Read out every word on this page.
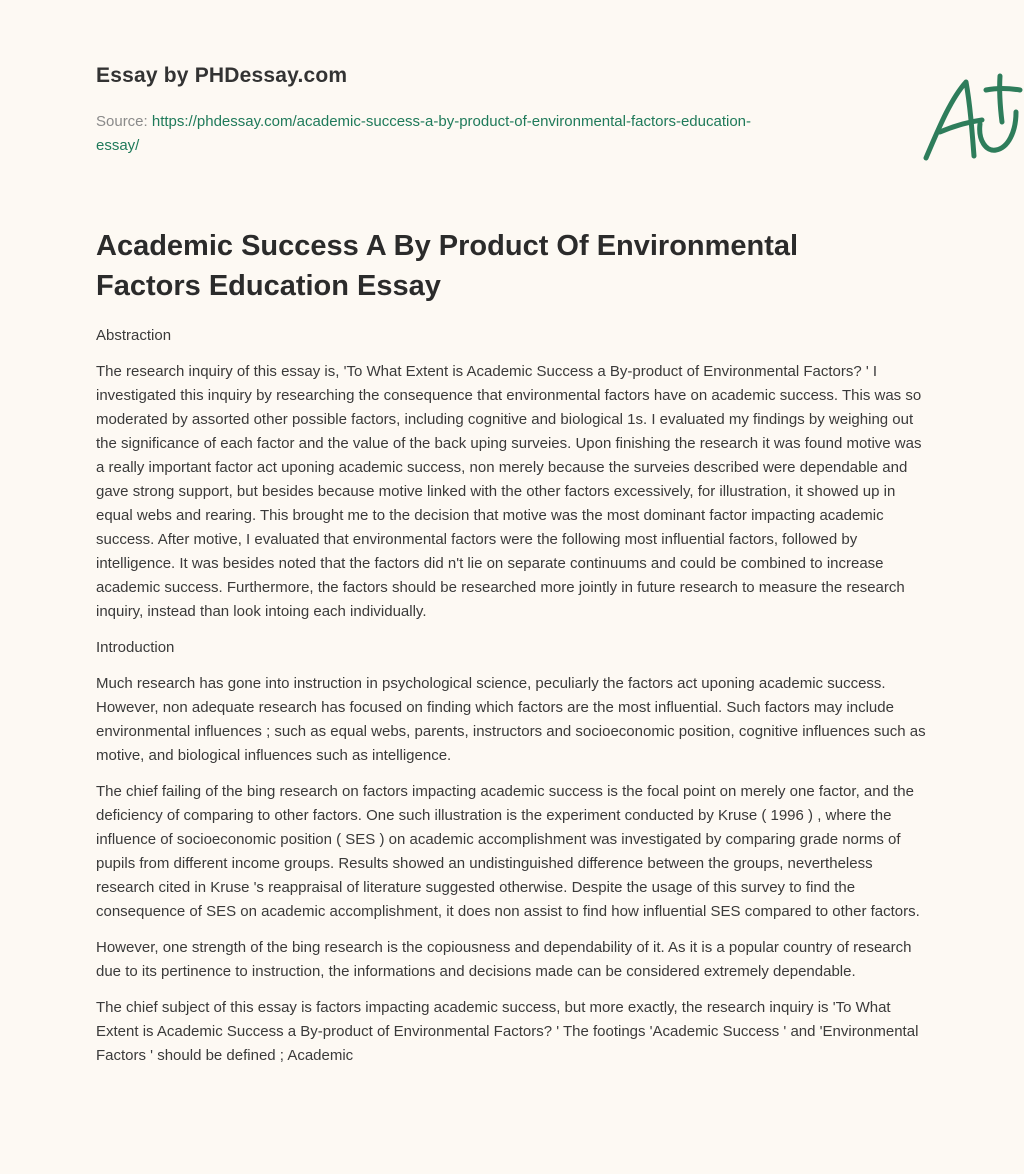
Essay by PHDessay.com
Source: https://phdessay.com/academic-success-a-by-product-of-environmental-factors-education-essay/
Academic Success A By Product Of Environmental Factors Education Essay

Abstraction

The research inquiry of this essay is, 'To What Extent is Academic Success a By-product of Environmental Factors? ' I investigated this inquiry by researching the consequence that environmental factors have on academic success. This was so moderated by assorted other possible factors, including cognitive and biological 1s. I evaluated my findings by weighing out the significance of each factor and the value of the back uping surveies. Upon finishing the research it was found motive was a really important factor act uponing academic success, non merely because the surveies described were dependable and gave strong support, but besides because motive linked with the other factors excessively, for illustration, it showed up in equal webs and rearing. This brought me to the decision that motive was the most dominant factor impacting academic success. After motive, I evaluated that environmental factors were the following most influential factors, followed by intelligence. It was besides noted that the factors did n't lie on separate continuums and could be combined to increase academic success. Furthermore, the factors should be researched more jointly in future research to measure the research inquiry, instead than look intoing each individually.

Introduction

Much research has gone into instruction in psychological science, peculiarly the factors act uponing academic success. However, non adequate research has focused on finding which factors are the most influential. Such factors may include environmental influences ; such as equal webs, parents, instructors and socioeconomic position, cognitive influences such as motive, and biological influences such as intelligence.

The chief failing of the bing research on factors impacting academic success is the focal point on merely one factor, and the deficiency of comparing to other factors. One such illustration is the experiment conducted by Kruse ( 1996 ) , where the influence of socioeconomic position ( SES ) on academic accomplishment was investigated by comparing grade norms of pupils from different income groups. Results showed an undistinguished difference between the groups, nevertheless research cited in Kruse 's reappraisal of literature suggested otherwise. Despite the usage of this survey to find the consequence of SES on academic accomplishment, it does non assist to find how influential SES compared to other factors.

However, one strength of the bing research is the copiousness and dependability of it. As it is a popular country of research due to its pertinence to instruction, the informations and decisions made can be considered extremely dependable.

The chief subject of this essay is factors impacting academic success, but more exactly, the research inquiry is 'To What Extent is Academic Success a By-product of Environmental Factors? ' The footings 'Academic Success ' and 'Environmental Factors ' should be defined ; Academic
